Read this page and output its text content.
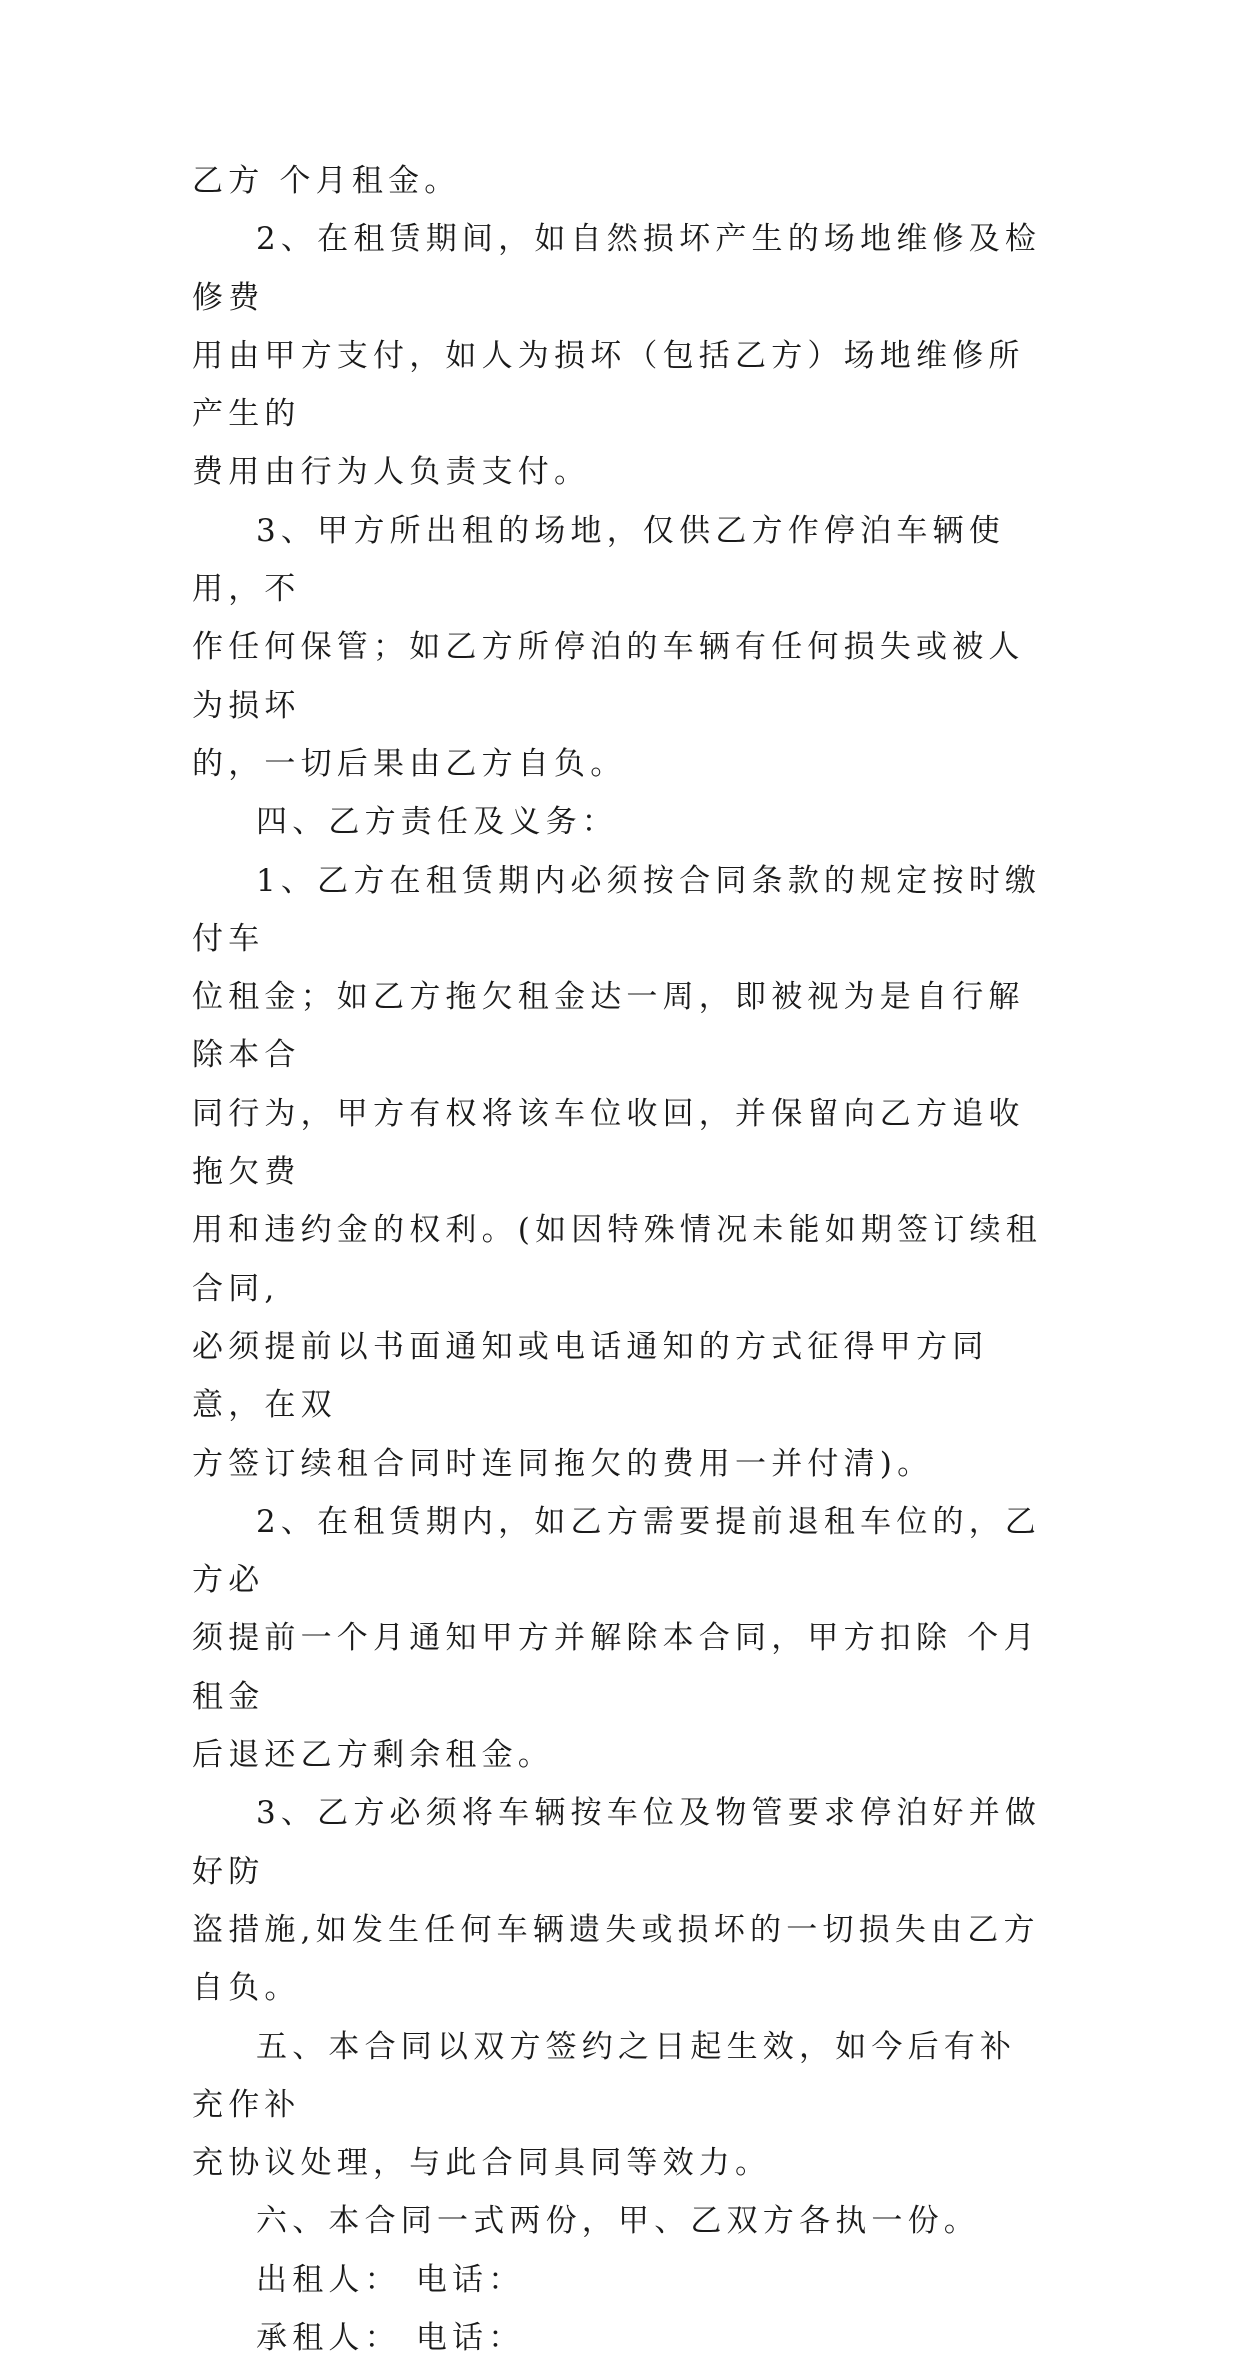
乙方 个月租金。

2、在租赁期间，如自然损坏产生的场地维修及检修费

用由甲方支付，如人为损坏（包括乙方）场地维修所产生的

费用由行为人负责支付。

3、甲方所出租的场地，仅供乙方作停泊车辆使用，不

作任何保管；如乙方所停泊的车辆有任何损失或被人为损坏

的，一切后果由乙方自负。

四、乙方责任及义务：

1、乙方在租赁期内必须按合同条款的规定按时缴付车

位租金；如乙方拖欠租金达一周，即被视为是自行解除本合

同行为，甲方有权将该车位收回，并保留向乙方追收拖欠费

用和违约金的权利。(如因特殊情况未能如期签订续租合同,

必须提前以书面通知或电话通知的方式征得甲方同意，在双

方签订续租合同时连同拖欠的费用一并付清)。

2、在租赁期内，如乙方需要提前退租车位的，乙方必

须提前一个月通知甲方并解除本合同，甲方扣除 个月租金

后退还乙方剩余租金。

3、乙方必须将车辆按车位及物管要求停泊好并做好防

盗措施,如发生任何车辆遗失或损坏的一切损失由乙方自负。

五、本合同以双方签约之日起生效，如今后有补充作补

充协议处理，与此合同具同等效力。

六、本合同一式两份，甲、乙双方各执一份。

出租人： 电话：

承租人： 电话：
